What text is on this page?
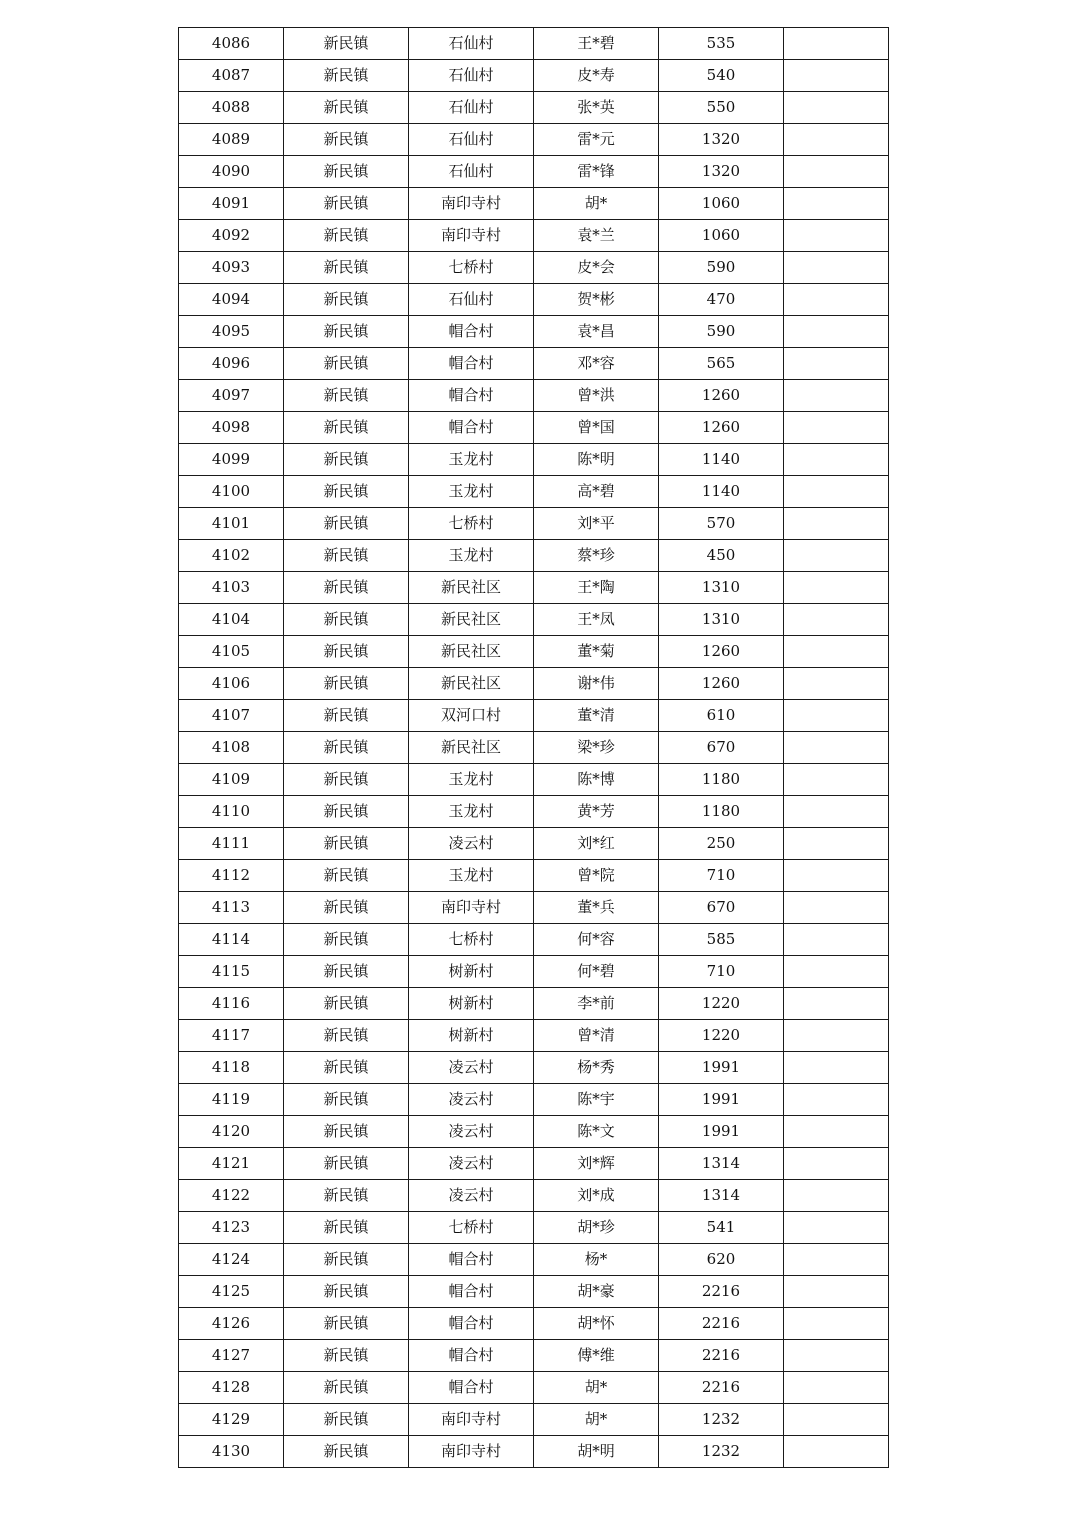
4086	新民镇	石仙村	王*碧	535	
4087	新民镇	石仙村	皮*寿	540	
4088	新民镇	石仙村	张*英	550	
4089	新民镇	石仙村	雷*元	1320	
4090	新民镇	石仙村	雷*锋	1320	
4091	新民镇	南印寺村	胡*	1060	
4092	新民镇	南印寺村	袁*兰	1060	
4093	新民镇	七桥村	皮*会	590	
4094	新民镇	石仙村	贺*彬	470	
4095	新民镇	帽合村	袁*昌	590	
4096	新民镇	帽合村	邓*容	565	
4097	新民镇	帽合村	曾*洪	1260	
4098	新民镇	帽合村	曾*国	1260	
4099	新民镇	玉龙村	陈*明	1140	
4100	新民镇	玉龙村	高*碧	1140	
4101	新民镇	七桥村	刘*平	570	
4102	新民镇	玉龙村	蔡*珍	450	
4103	新民镇	新民社区	王*陶	1310	
4104	新民镇	新民社区	王*凤	1310	
4105	新民镇	新民社区	董*菊	1260	
4106	新民镇	新民社区	谢*伟	1260	
4107	新民镇	双河口村	董*清	610	
4108	新民镇	新民社区	梁*珍	670	
4109	新民镇	玉龙村	陈*博	1180	
4110	新民镇	玉龙村	黄*芳	1180	
4111	新民镇	凌云村	刘*红	250	
4112	新民镇	玉龙村	曾*院	710	
4113	新民镇	南印寺村	董*兵	670	
4114	新民镇	七桥村	何*容	585	
4115	新民镇	树新村	何*碧	710	
4116	新民镇	树新村	李*前	1220	
4117	新民镇	树新村	曾*清	1220	
4118	新民镇	凌云村	杨*秀	1991	
4119	新民镇	凌云村	陈*宇	1991	
4120	新民镇	凌云村	陈*文	1991	
4121	新民镇	凌云村	刘*辉	1314	
4122	新民镇	凌云村	刘*成	1314	
4123	新民镇	七桥村	胡*珍	541	
4124	新民镇	帽合村	杨*	620	
4125	新民镇	帽合村	胡*豪	2216	
4126	新民镇	帽合村	胡*怀	2216	
4127	新民镇	帽合村	傅*维	2216	
4128	新民镇	帽合村	胡*	2216	
4129	新民镇	南印寺村	胡*	1232	
4130	新民镇	南印寺村	胡*明	1232	
